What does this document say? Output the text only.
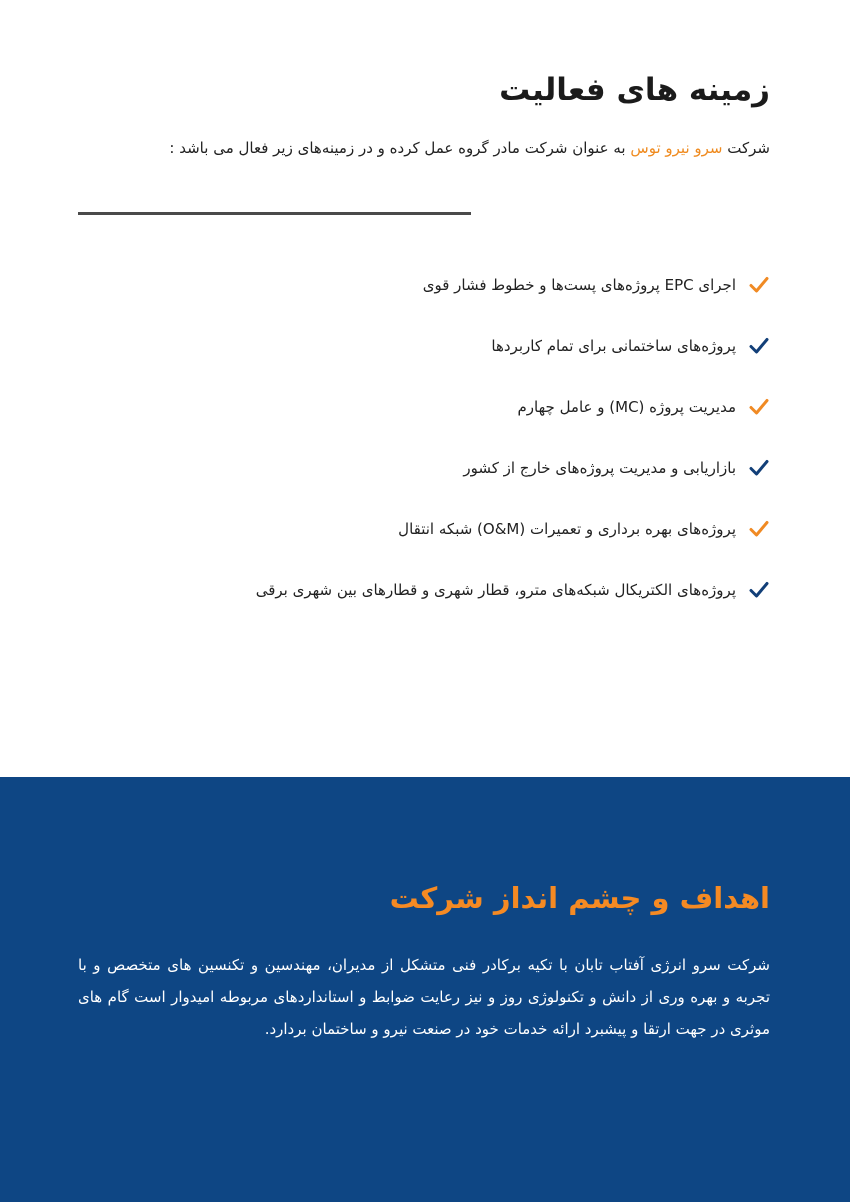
زمینه های فعالیت

شرکت سرو نیرو توس به عنوان شرکت مادر گروه عمل کرده و در زمینه‌های زیر فعال می باشد :

اجرای EPC پروژه‌های پست‌ها و خطوط فشار قوی
پروژه‌های ساختمانی برای تمام کاربردها
مدیریت پروژه (MC) و عامل چهارم
بازاریابی و مدیریت پروژه‌های خارج از کشور
پروژه‌های بهره برداری و تعمیرات (O&M) شبکه انتقال
پروژه‌های الکتریکال شبکه‌های مترو، قطار شهری و قطارهای بین شهری برقی
اهداف و چشم انداز شرکت

شرکت سرو انرژی آفتاب تابان با تکیه برکادر فنی متشکل از مدیران، مهندسین و تکنسین های متخصص و با تجربه و بهره وری از دانش و تکنولوژی روز و نیز رعایت ضوابط و استانداردهای مربوطه امیدوار است گام های موثری در جهت ارتقا و پیشبرد ارائه خدمات خود در صنعت نیرو و ساختمان بردارد.
